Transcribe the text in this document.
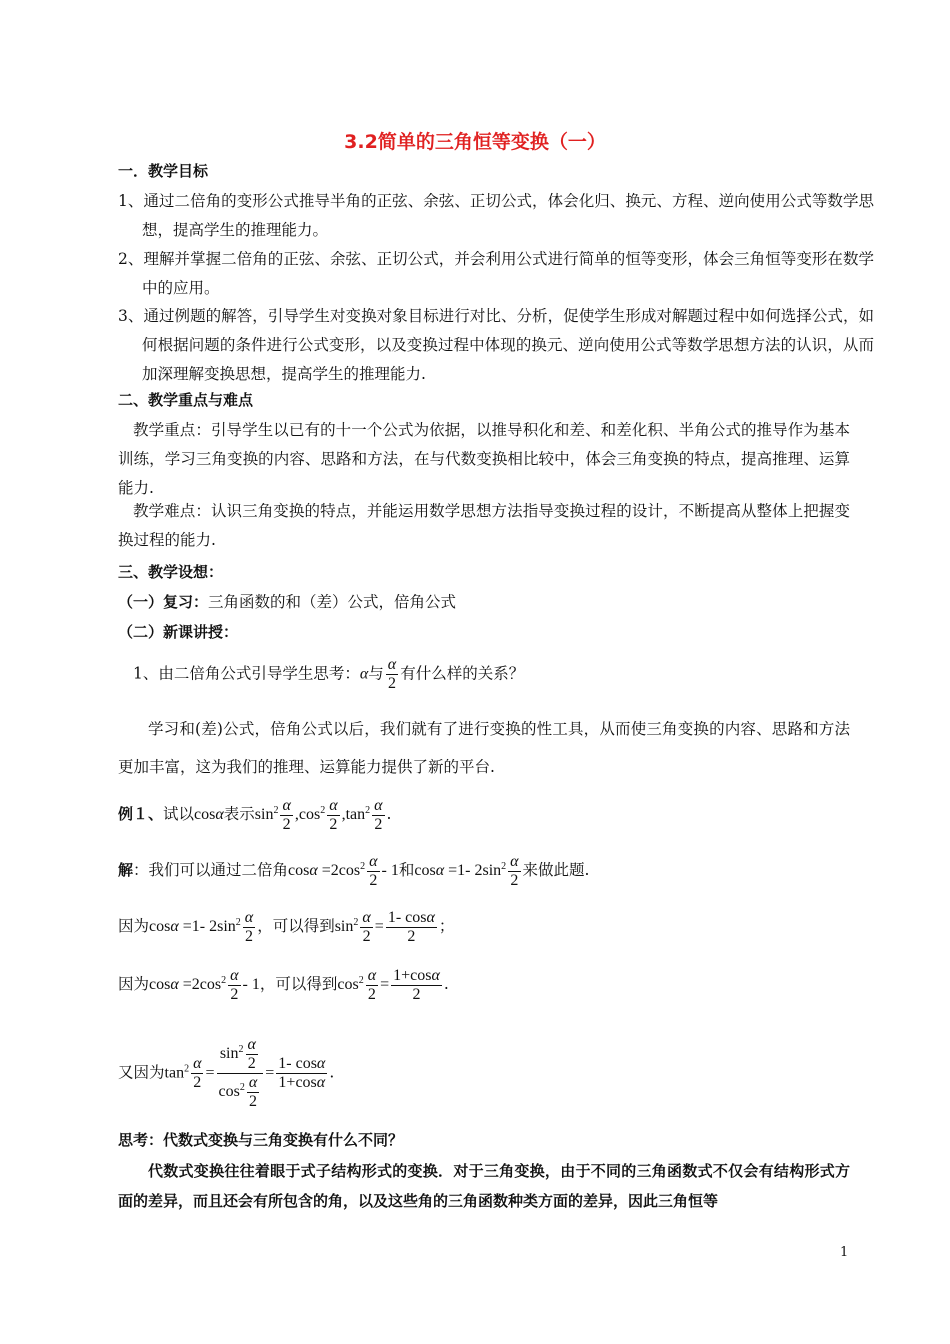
3.2简单的三角恒等变换（一）
一．教学目标
1、通过二倍角的变形公式推导半角的正弦、余弦、正切公式，体会化归、换元、方程、逆向使用公式等数学思想，提高学生的推理能力。
2、理解并掌握二倍角的正弦、余弦、正切公式，并会利用公式进行简单的恒等变形，体会三角恒等变形在数学中的应用。
3、通过例题的解答，引导学生对变换对象目标进行对比、分析，促使学生形成对解题过程中如何选择公式，如何根据问题的条件进行公式变形，以及变换过程中体现的换元、逆向使用公式等数学思想方法的认识，从而加深理解变换思想，提高学生的推理能力.
二、教学重点与难点
教学重点：引导学生以已有的十一个公式为依据，以推导积化和差、和差化积、半角公式的推导作为基本训练，学习三角变换的内容、思路和方法，在与代数变换相比较中，体会三角变换的特点，提高推理、运算能力.
教学难点：认识三角变换的特点，并能运用数学思想方法指导变换过程的设计，不断提高从整体上把握变换过程的能力.
三、教学设想：
（一）复习：三角函数的和（差）公式，倍角公式
（二）新课讲授：
1、由二倍角公式引导学生思考：α与 $\frac{\alpha}{2}$ 有什么样的关系？
学习和(差)公式，倍角公式以后，我们就有了进行变换的性工具，从而使三角变换的内容、思路和方法更加丰富，这为我们的推理、运算能力提供了新的平台.
例１、试以cosα表示$\sin^2 \frac{\alpha}{2} ,\cos^2 \frac{\alpha}{2} ,\tan^2 \frac{\alpha}{2}$ .
解：我们可以通过二倍角$\cos\alpha =2\cos^2 \frac{\alpha}{2} - 1$和cosα =1- $2\sin^2 \frac{\alpha}{2}$ 来做此题.
因为cosα =1- $2\sin^2 \frac{\alpha}{2}$ ，可以得到$\sin^2 \frac{\alpha}{2} = \frac{1- \cos\alpha}{2}$ ；
因为$\cos\alpha =2\cos^2 \frac{\alpha}{2} - 1$，可以得到$\cos^2 \frac{\alpha}{2} = \frac{1+\cos\alpha}{2}$ .
又因为$\tan^2 \frac{\alpha}{2} = \frac{\sin^2 \frac{\alpha}{2}}{\cos^2 \frac{\alpha}{2}} = \frac{1- \cos\alpha}{1+\cos\alpha}$ .
思考：代数式变换与三角变换有什么不同？
代数式变换往往着眼于式子结构形式的变换．对于三角变换，由于不同的三角函数式不仅会有结构形式方面的差异，而且还会有所包含的角，以及这些角的三角函数种类方面的差异，因此三角恒等
1
